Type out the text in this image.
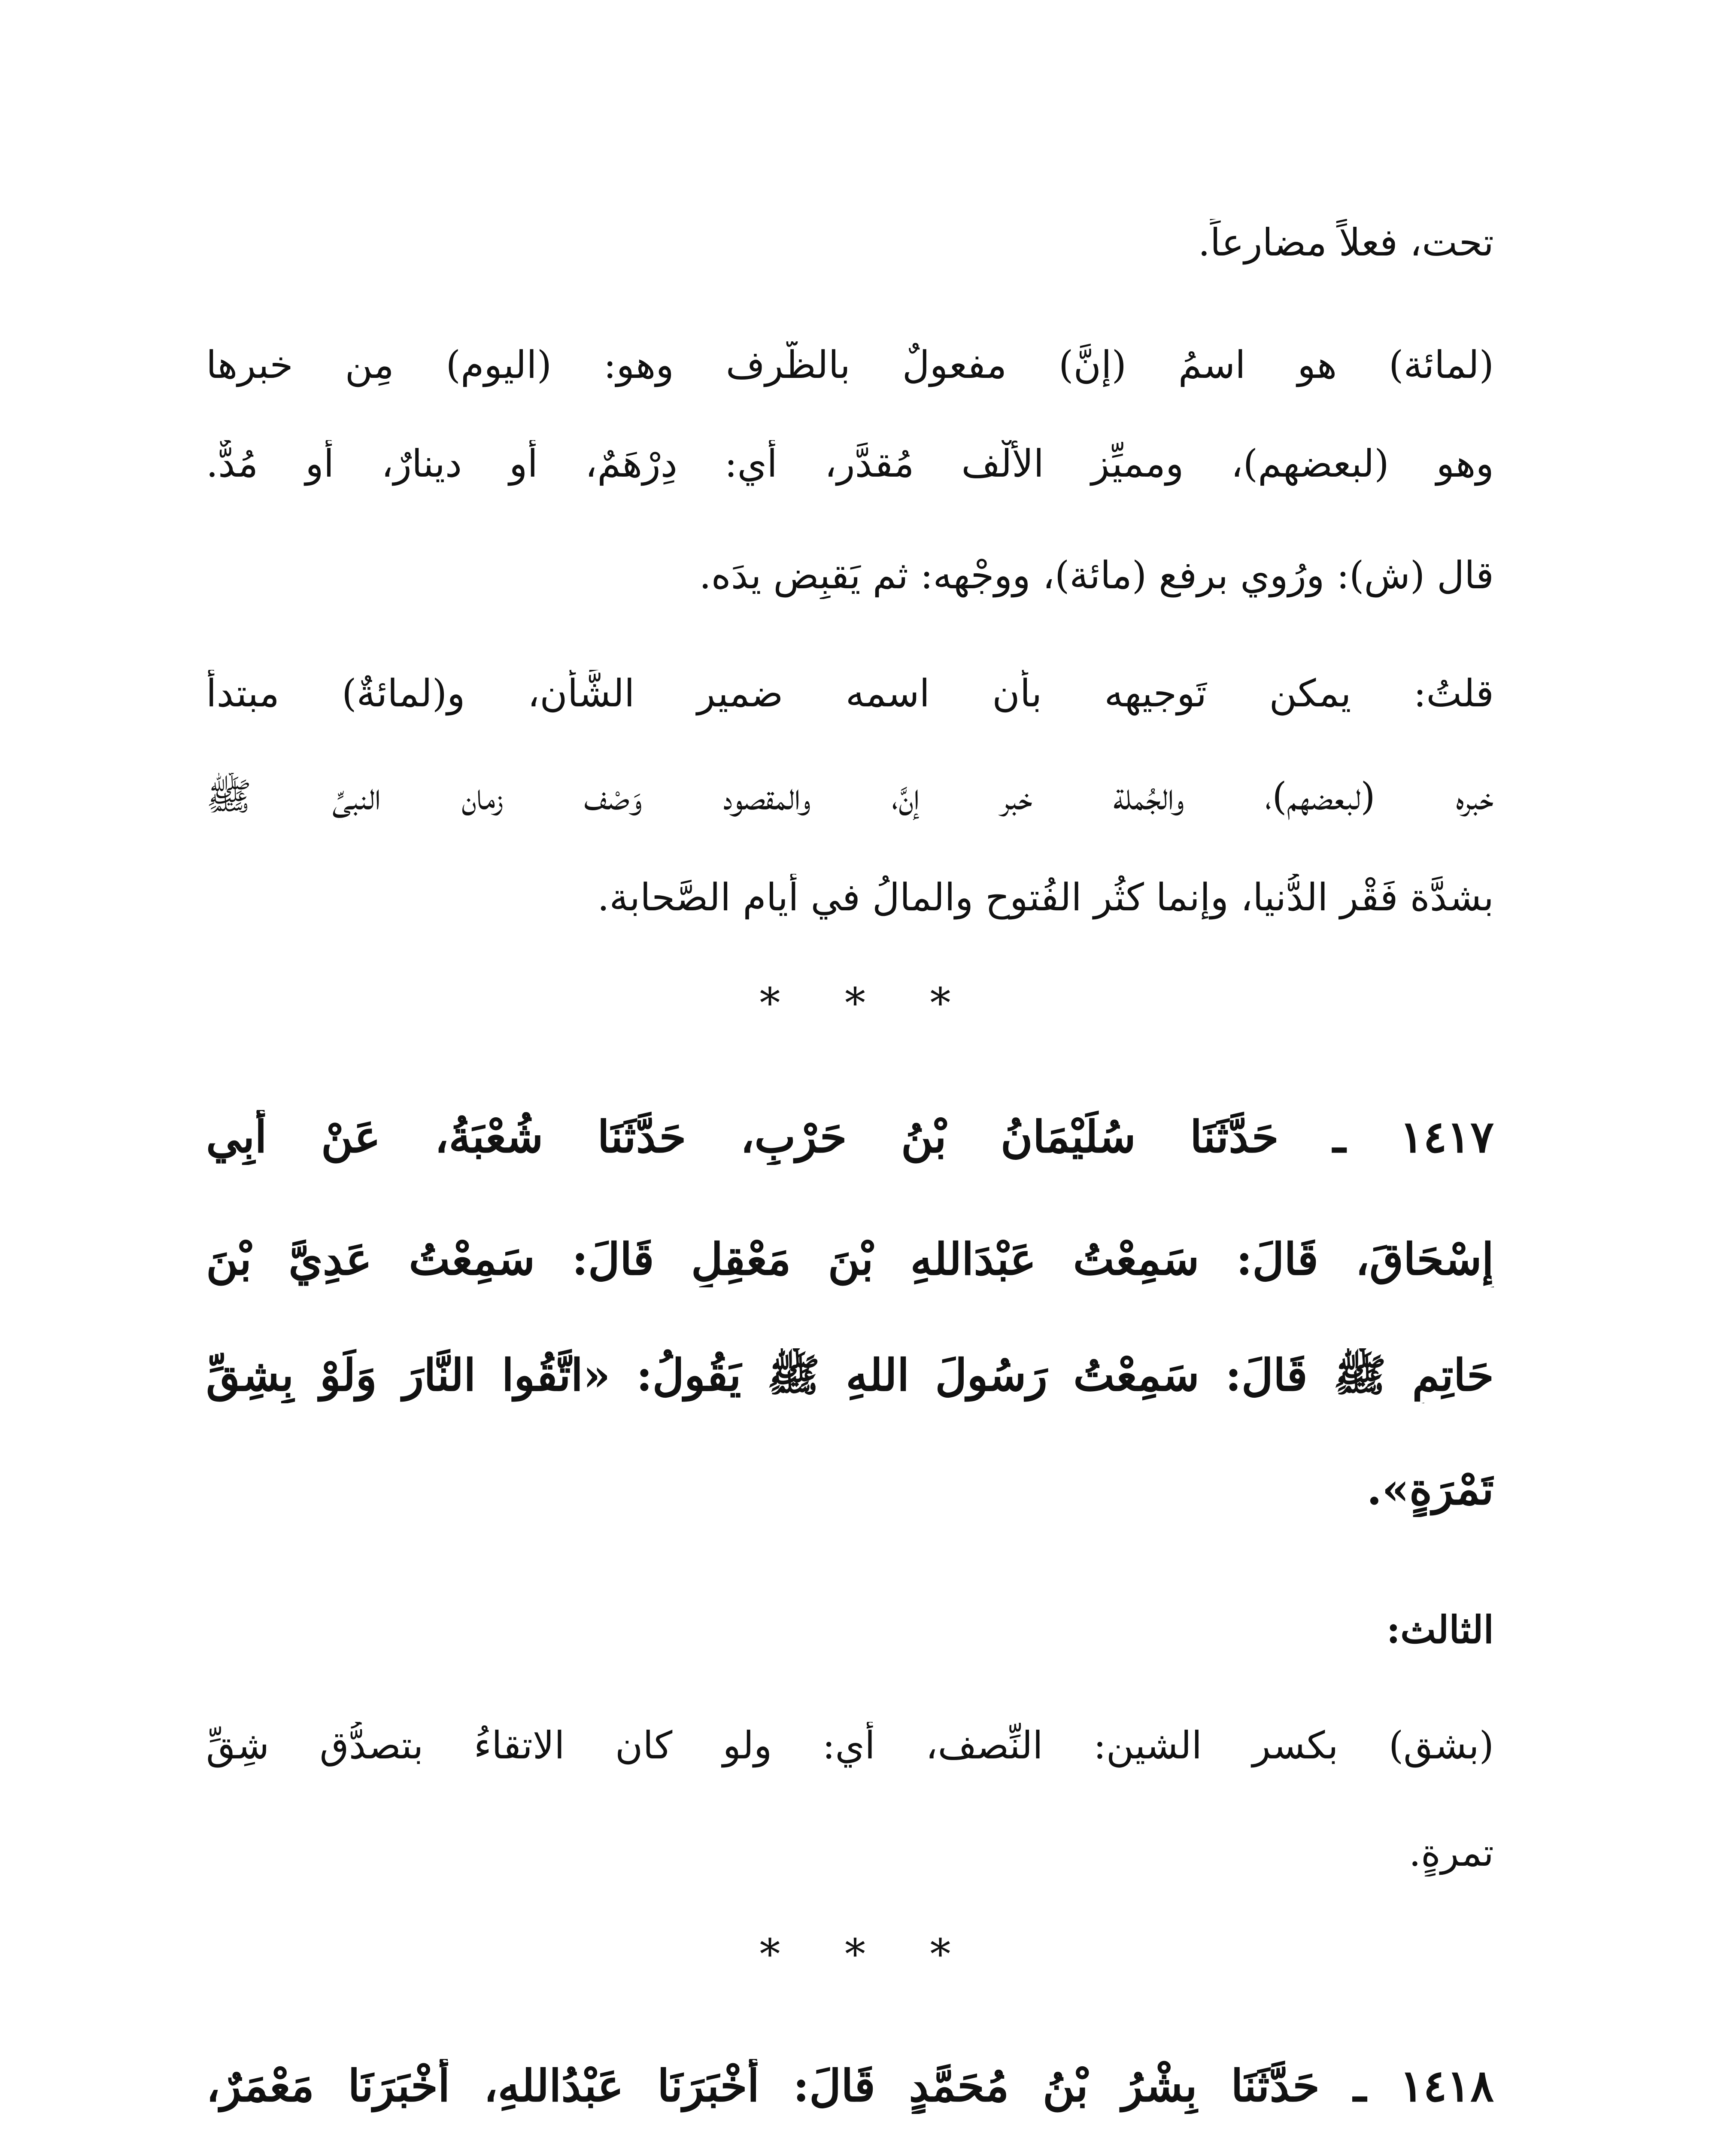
تحت، فعلاً مضارعاً.
(لمائة) هو اسمُ (إنَّ) مفعولٌ بالظَّرف وهو: (اليوم) مِن خبرها
وهو (لبعضهم)، ومميِّز الألْف مُقدَّر، أي: دِرْهَمٌ، أو دينارٌ، أو مُدٌّ.
قال (ش): ورُوي برفع (مائة)، ووجْهه: ثم يَقبِض يدَه.
قلتُ: يمكن تَوجيهه بأن اسمه ضمير الشَّأن، و(لمائةٌ) مبتدأٌ
خبره (لبعضهم)، والجُملة خبر إنَّ، والمقصود وَصْف زمان النبيِّ ﷺ
بشدَّة فَقْر الدُّنيا، وإنما كثُر الفُتوح والمالُ في أيام الصَّحابة.
* * *
١٤١٧ ـ حَدَّثَنَا سُلَيْمَانُ بْنُ حَرْبٍ، حَدَّثَنَا شُعْبَةُ، عَنْ أَبِي
إِسْحَاقَ، قَالَ: سَمِعْتُ عَبْدَاللهِ بْنَ مَعْقِلٍ قَالَ: سَمِعْتُ عَدِيَّ بْنَ
حَاتِمٍ ﷺ قَالَ: سَمِعْتُ رَسُولَ اللهِ ﷺ يَقُولُ: «اتَّقُوا النَّارَ وَلَوْ بِشِقِّ
تَمْرَةٍ».
الثالث:
(بشق) بكسر الشين: النِّصف، أي: ولو كان الاتقاءُ بتصدُّق شِقِّ
تمرةٍ.
* * *
١٤١٨ ـ حَدَّثَنَا بِشْرُ بْنُ مُحَمَّدٍ قَالَ: أَخْبَرَنَا عَبْدُاللهِ، أَخْبَرَنَا مَعْمَرٌ،
